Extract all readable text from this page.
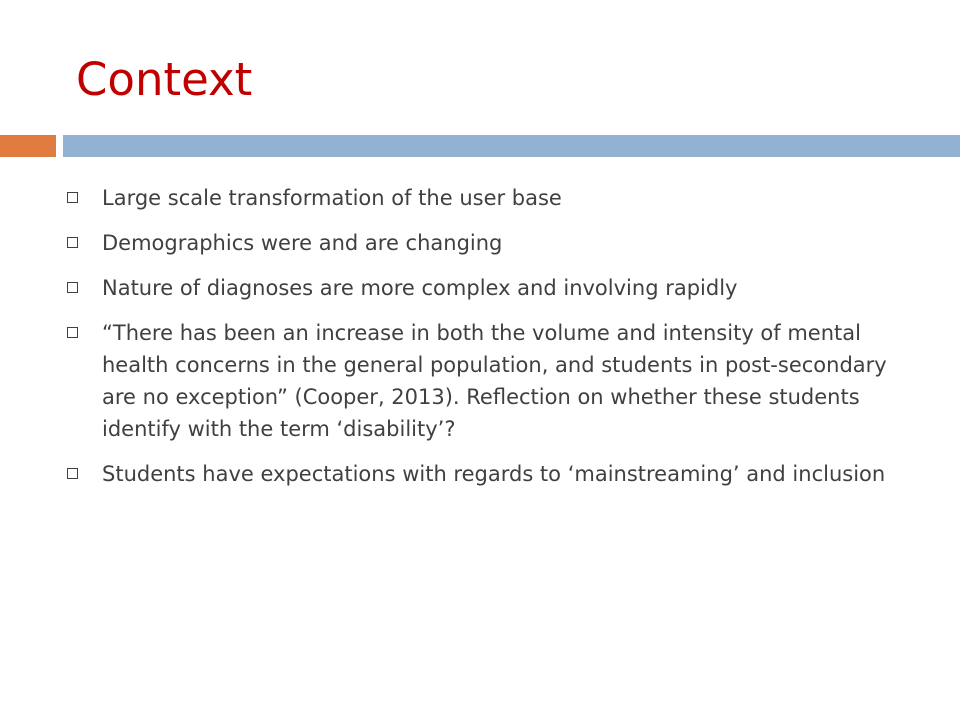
Context
Large scale transformation of the user base
Demographics were and are changing
Nature of diagnoses are more complex and involving rapidly
“There has been an increase in both the volume and intensity of mental health concerns in the general population, and students in post-secondary are no exception” (Cooper, 2013). Reflection on whether these students identify with the term ‘disability’?
Students have expectations with regards to ‘mainstreaming’ and inclusion
